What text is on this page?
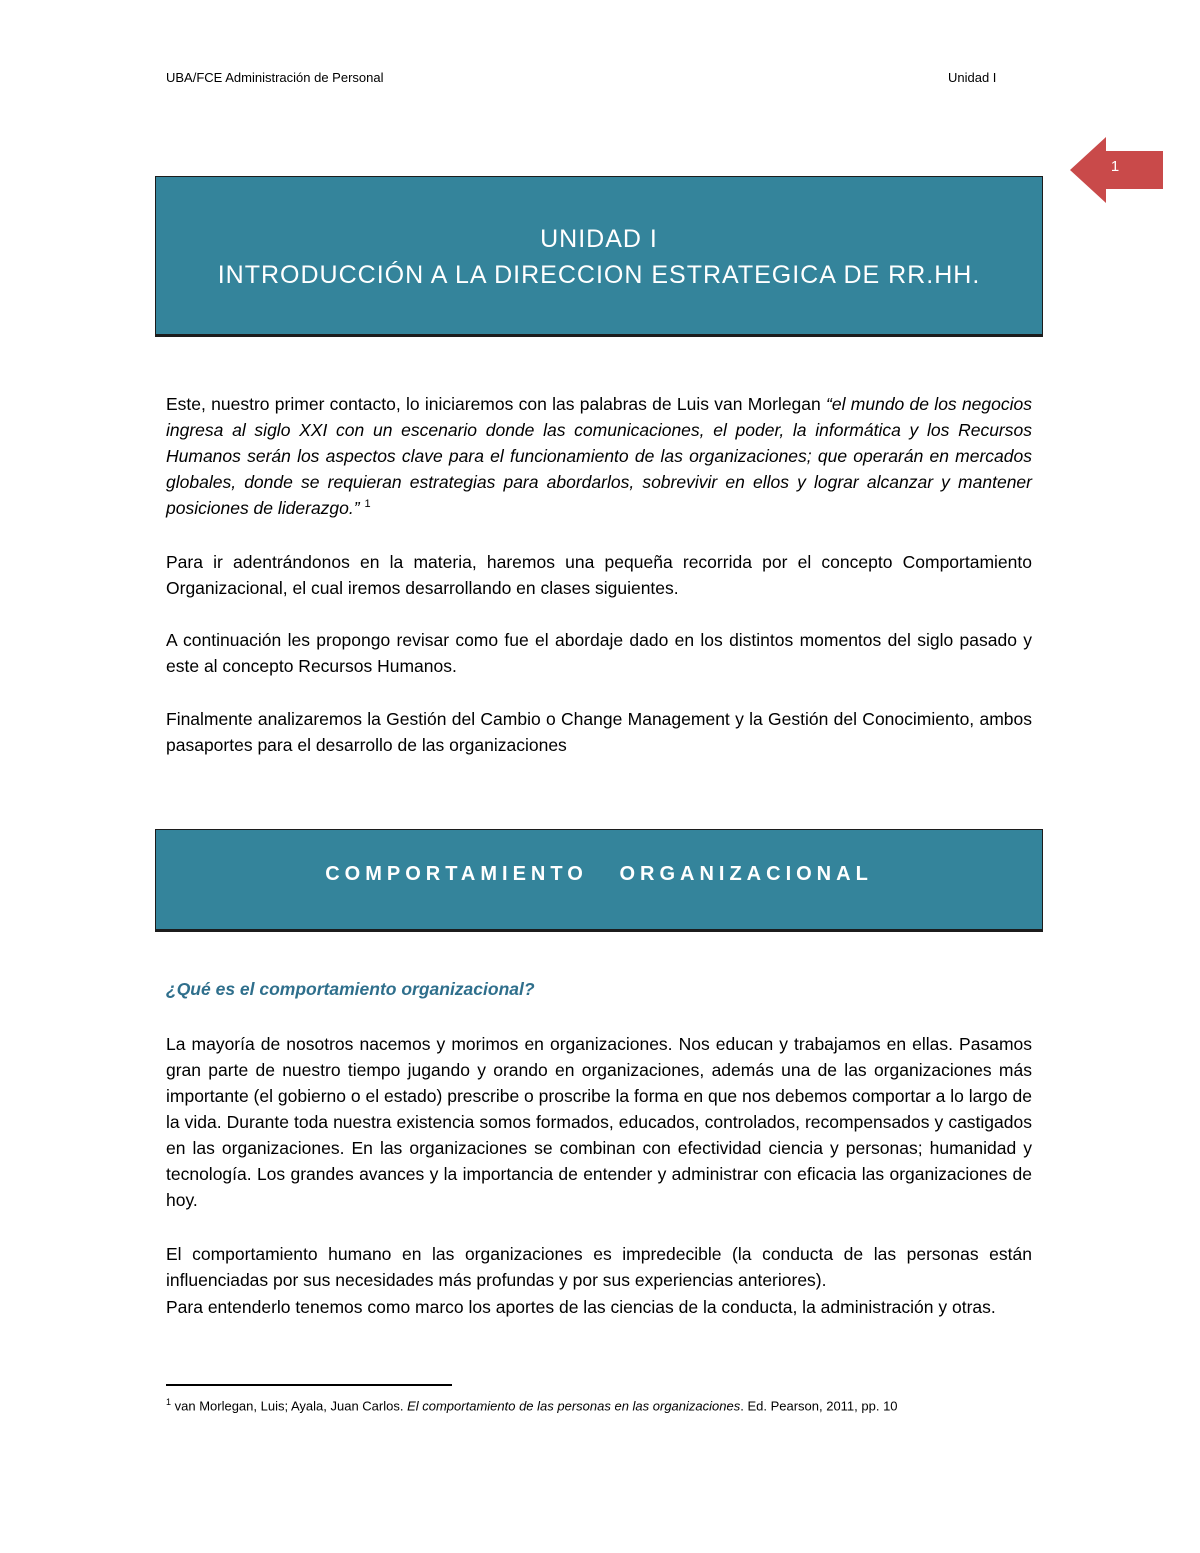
UBA/FCE Administración de Personal	Unidad I
1
UNIDAD I
INTRODUCCIÓN A LA DIRECCION ESTRATEGICA DE RR.HH.

Este, nuestro primer contacto, lo iniciaremos con las palabras de Luis van Morlegan “el mundo de los negocios ingresa al siglo XXI con un escenario donde las comunicaciones, el poder, la informática y los Recursos Humanos serán los aspectos clave para el funcionamiento de las organizaciones; que operarán en mercados globales, donde se requieran estrategias para abordarlos, sobrevivir en ellos y lograr alcanzar y mantener posiciones de liderazgo.” $^1$

Para ir adentrándonos en la materia, haremos una pequeña recorrida por el concepto Comportamiento Organizacional, el cual iremos desarrollando en clases siguientes.

A continuación les propongo revisar como fue el abordaje dado en los distintos momentos del siglo pasado y este al concepto Recursos Humanos.

Finalmente analizaremos la Gestión del Cambio o Change Management y la Gestión del Conocimiento, ambos pasaportes para el desarrollo de las organizaciones

COMPORTAMIENTO   ORGANIZACIONAL
¿Qué es el comportamiento organizacional?

La mayoría de nosotros nacemos y morimos en organizaciones. Nos educan y trabajamos en ellas. Pasamos gran parte de nuestro tiempo jugando y orando en organizaciones, además una de las organizaciones más importante (el gobierno o el estado) prescribe o proscribe la forma en que nos debemos comportar a lo largo de la vida. Durante toda nuestra existencia somos formados, educados, controlados, recompensados y castigados en las organizaciones. En las organizaciones se combinan con efectividad ciencia y personas; humanidad y tecnología. Los grandes avances y la importancia de entender y administrar con eficacia las organizaciones de hoy.

El comportamiento humano en las organizaciones es impredecible (la conducta de las personas están influenciadas por sus necesidades más profundas y por sus experiencias anteriores).

Para entenderlo tenemos como marco los aportes de las ciencias de la conducta, la administración y otras.

$^1$ van Morlegan, Luis; Ayala, Juan Carlos. El comportamiento de las personas en las organizaciones. Ed. Pearson, 2011, pp. 10
